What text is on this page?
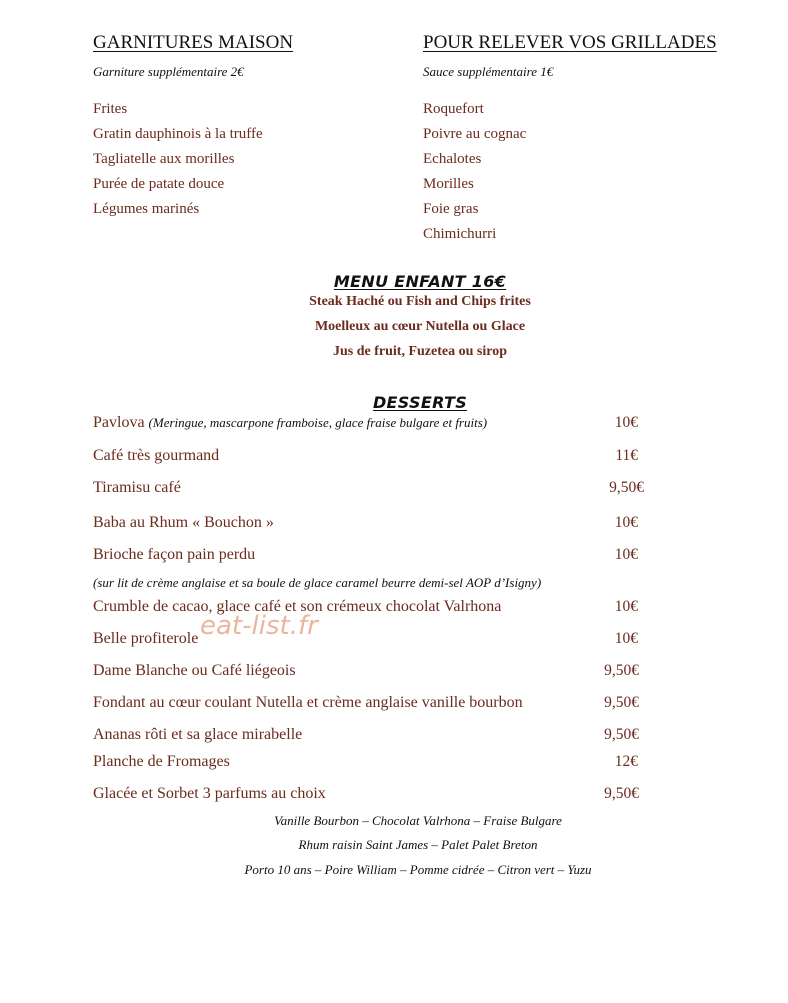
GARNITURES MAISON
Garniture supplémentaire 2€
Frites
Gratin dauphinois à la truffe
Tagliatelle aux morilles
Purée de patate douce
Légumes marinés
POUR RELEVER VOS GRILLADES
Sauce supplémentaire 1€
Roquefort
Poivre au cognac
Echalotes
Morilles
Foie gras
Chimichurri
MENU ENFANT 16€
Steak Haché ou Fish and Chips frites
Moelleux au cœur Nutella ou Glace
Jus de fruit, Fuzetea ou sirop
DESSERTS
Pavlova (Meringue, mascarpone framboise, glace fraise bulgare et fruits)	10€
Café très gourmand	11€
Tiramisu café	9,50€
Baba au Rhum « Bouchon »	10€
Brioche façon pain perdu	10€
(sur lit de crème anglaise et sa boule de glace caramel beurre demi-sel AOP d’Isigny)
Crumble de cacao, glace café et son crémeux chocolat Valrhona	10€
Belle profiterole	10€
Dame Blanche ou Café liégeois	9,50€
Fondant au cœur coulant Nutella et crème anglaise vanille bourbon	9,50€
Ananas rôti et sa glace mirabelle	9,50€
Planche de Fromages	12€
Glacée et Sorbet 3 parfums au choix	9,50€
Vanille Bourbon – Chocolat Valrhona – Fraise Bulgare
Rhum raisin Saint James – Palet Palet Breton
Porto 10 ans – Poire William – Pomme cidrée – Citron vert – Yuzu
eat-list.fr
